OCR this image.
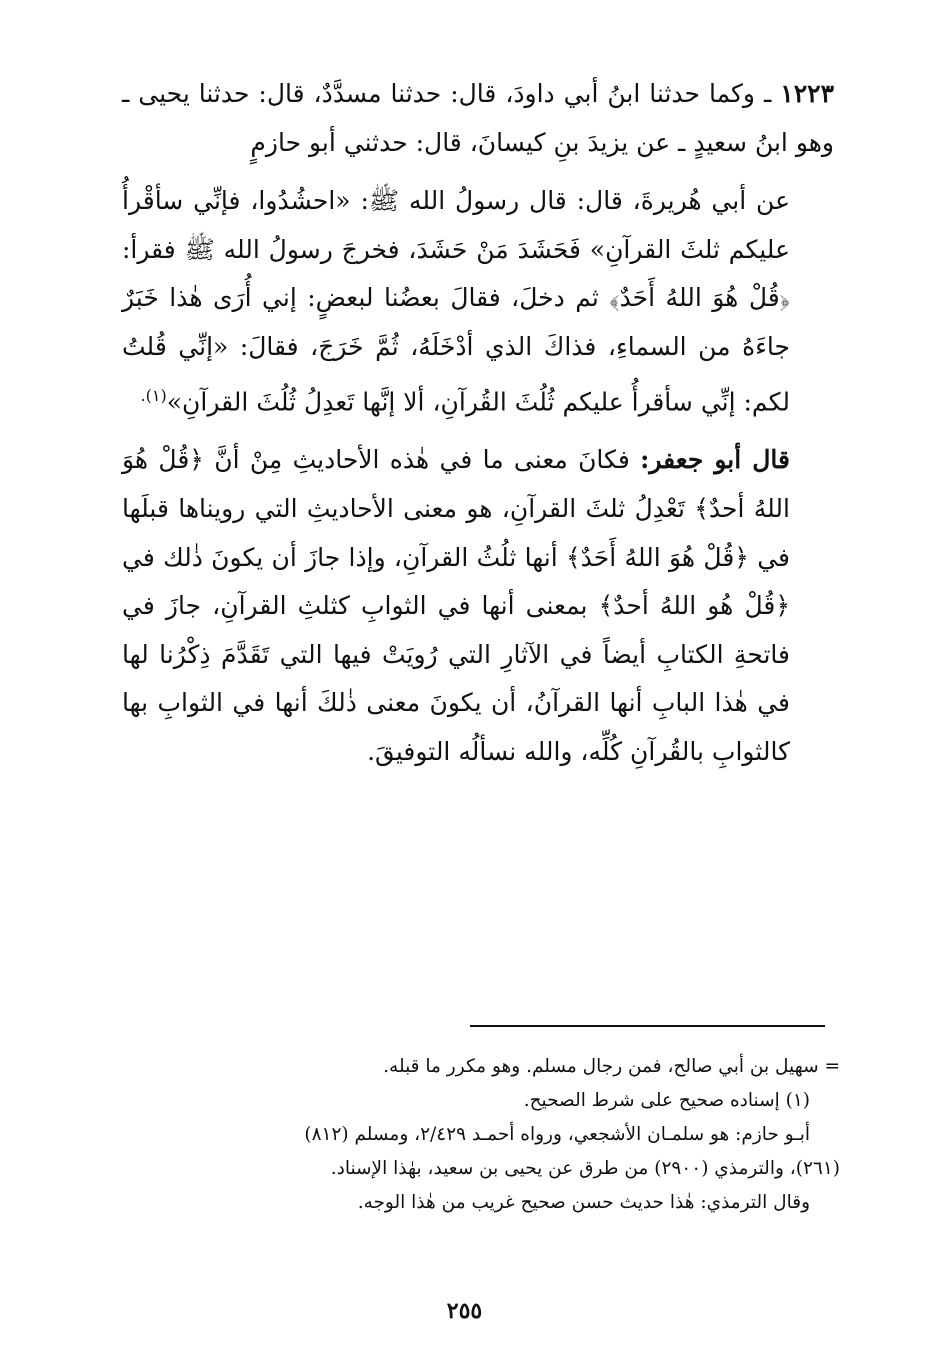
١٢٢٣ ـ وكما حدثنا ابنُ أبي داودَ، قال: حدثنا مسدَّدٌ، قال: حدثنا يحيى ـ وهو ابنُ سعيدٍ ـ عن يزيدَ بنِ كيسانَ، قال: حدثني أبو حازمٍ

عن أبي هُريرةَ، قال: قال رسولُ الله ﷺ: «احشُدُوا، فإنِّي سأقْرأُ عليكم ثلثَ القرآنِ» فَحَشَدَ مَنْ حَشَدَ، فخرجَ رسولُ الله ﷺ فقرأ: ﴿قُلْ هُوَ اللهُ أَحَدٌ﴾ ثم دخلَ، فقالَ بعضُنا لبعضٍ: إني أُرَى هٰذا خَبَرٌ جاءَهُ من السماءِ، فذاكَ الذي أدْخَلَهُ، ثُمَّ خَرَجَ، فقالَ: «إنِّي قُلتُ لكم: إنِّي سأقرأُ عليكم ثُلُثَ القُرآنِ، ألا إنَّها تَعدِلُ ثُلُثَ القرآنِ»$^{(١).}$

قال أبو جعفر: فكانَ معنى ما في هٰذه الأحاديثِ مِنْ أنَّ ﴿قُلْ هُوَ اللهُ أحدٌ﴾ تَعْدِلُ ثلثَ القرآنِ، هو معنى الأحاديثِ التي رويناها قبلَها في ﴿قُلْ هُوَ اللهُ أَحَدٌ﴾ أنها ثلُثُ القرآنِ، وإذا جازَ أن يكونَ ذٰلك في ﴿قُلْ هُو اللهُ أحدٌ﴾ بمعنى أنها في الثوابِ كثلثِ القرآنِ، جازَ في فاتحةِ الكتابِ أيضاً في الآثارِ التي رُويَتْ فيها التي تَقَدَّمَ ذِكْرُنا لها في هٰذا البابِ أنها القرآنُ، أن يكونَ معنى ذٰلكَ أنها في الثوابِ بها كالثوابِ بالقُرآنِ كُلِّه، والله نسألُه التوفيقَ.

= سهيل بن أبي صالح، فمن رجال مسلم. وهو مكرر ما قبله.

(١) إسناده صحيح على شرط الصحيح.

أبـو حازم: هو سلمـان الأشجعي، ورواه أحمـد ٢/٤٢٩، ومسلم (٨١٢)

(٢٦١)، والترمذي (٢٩٠٠) من طرق عن يحيى بن سعيد، بهٰذا الإسناد.

وقال الترمذي: هٰذا حديث حسن صحيح غريب من هٰذا الوجه.

٢٥٥
